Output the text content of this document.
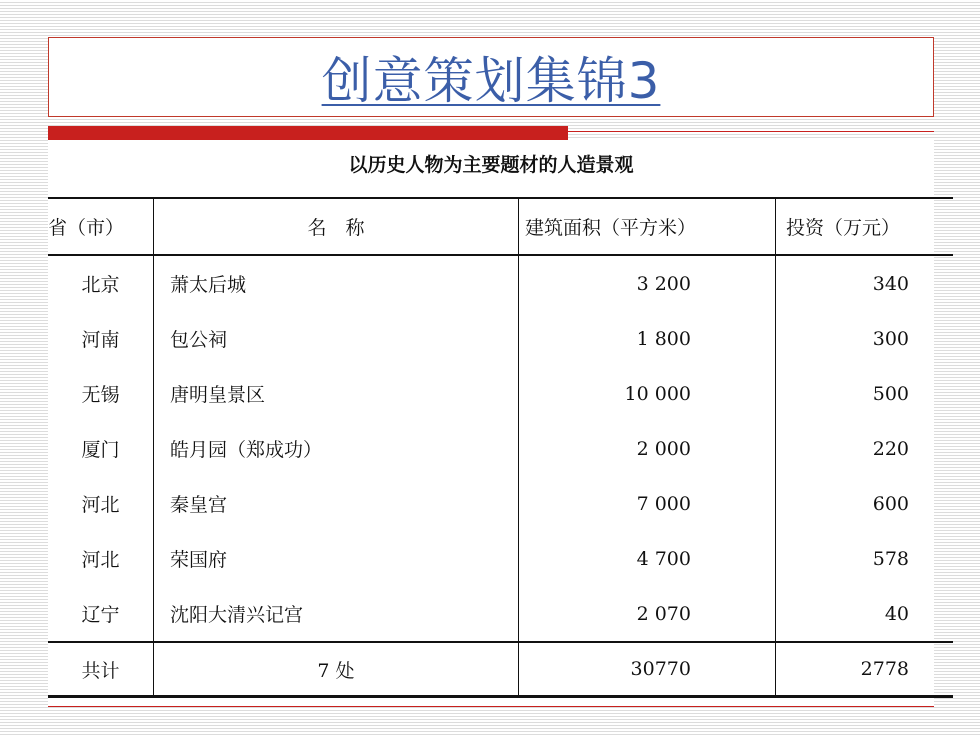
创意策划集锦3
以历史人物为主要题材的人造景观
省（市）	名　称	建筑面积（平方米）	投资（万元）
北京	萧太后城	3 200	340
河南	包公祠	1 800	300
无锡	唐明皇景区	10 000	500
厦门	皓月园（郑成功）	2 000	220
河北	秦皇宫	7 000	600
河北	荣国府	4 700	578
辽宁	沈阳大清兴记宫	2 070	40
共计	7 处	30770	2778
